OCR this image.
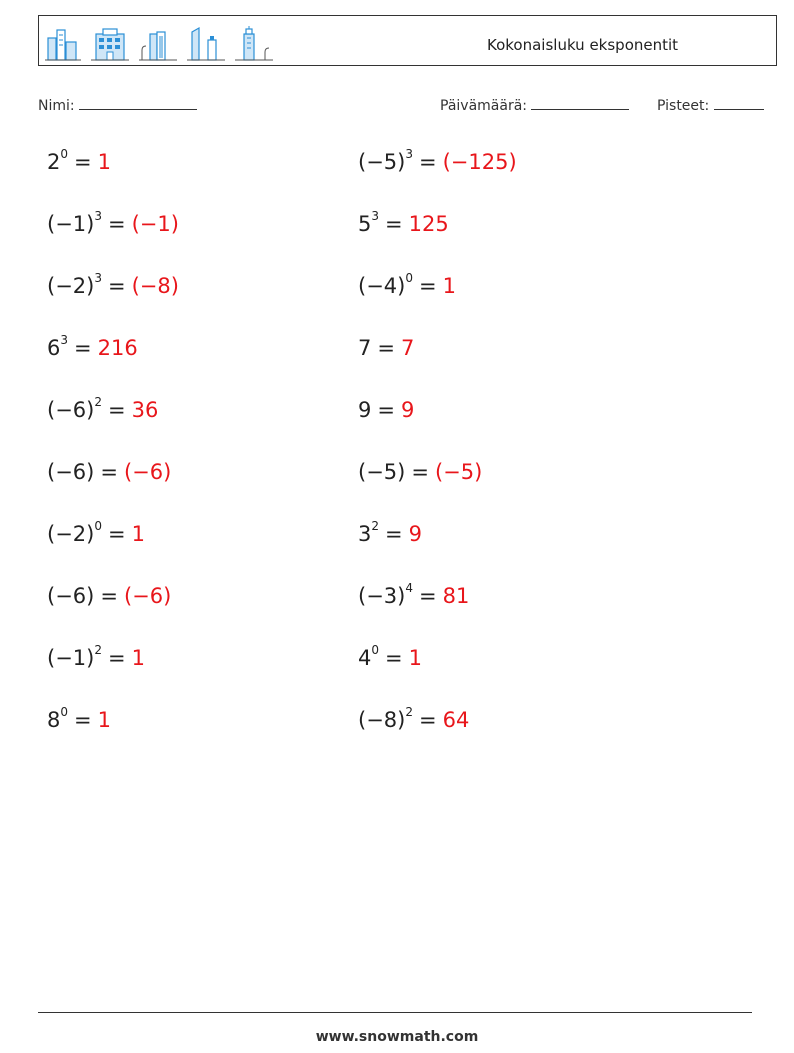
Kokonaisluku eksponentit
Nimi:	Päivämäärä:	Pisteet:
$2^0 = 1$
$(-1)^3 = (-1)$
$(-2)^3 = (-8)$
$6^3 = 216$
$(-6)^2 = 36$
(−6) = (−6)
$(-2)^0 = 1$
(−6) = (−6)
$(-1)^2 = 1$
$8^0 = 1$
$(-5)^3 = (-125)$
$5^3 = 125$
$(-4)^0 = 1$
7 = 7
9 = 9
(−5) = (−5)
$3^2 = 9$
$(-3)^4 = 81$
$4^0 = 1$
$(-8)^2 = 64$
www.snowmath.com
